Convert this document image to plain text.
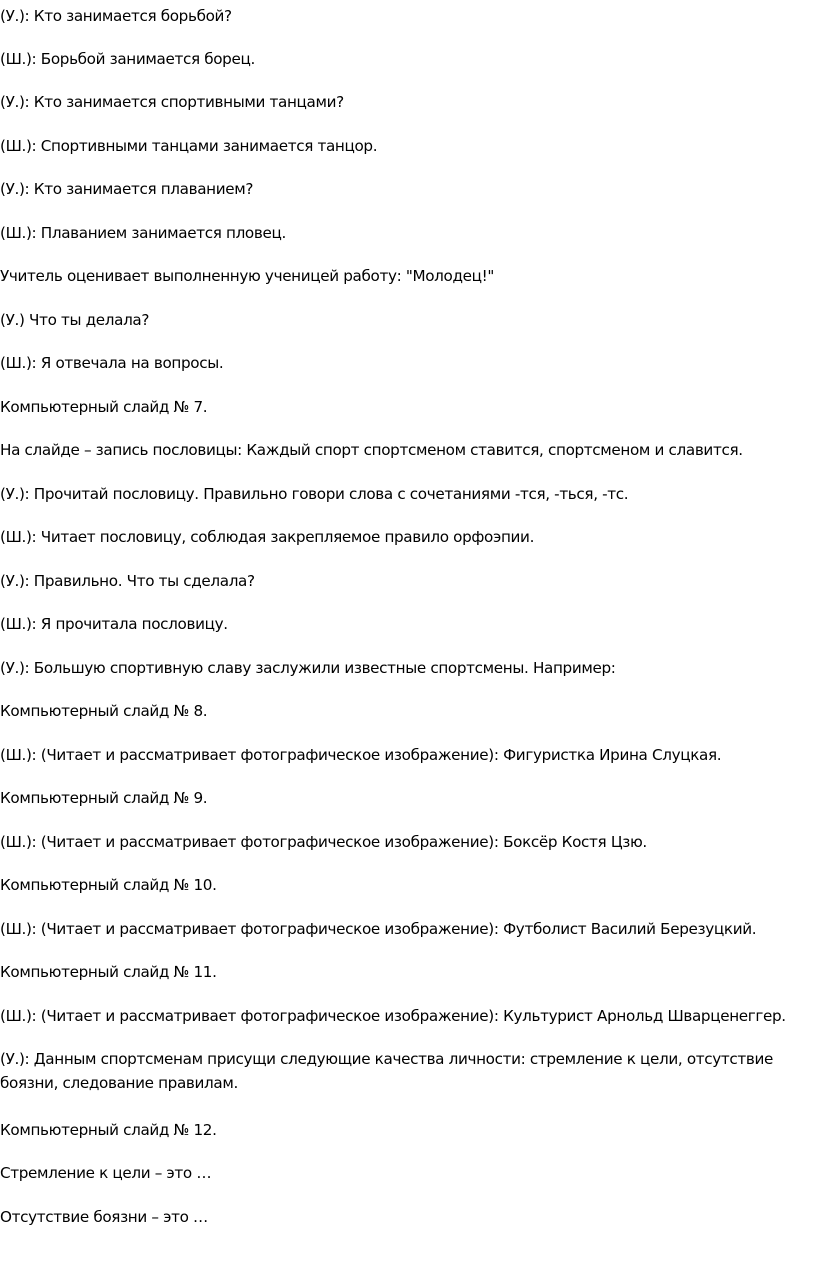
(У.): Кто занимается борьбой?

(Ш.): Борьбой занимается борец.

(У.): Кто занимается спортивными танцами?

(Ш.): Спортивными танцами занимается танцор.

(У.): Кто занимается плаванием?

(Ш.): Плаванием занимается пловец.

Учитель оценивает выполненную ученицей работу: "Молодец!"

(У.) Что ты делала?

(Ш.): Я отвечала на вопросы.

Компьютерный слайд № 7.

На слайде – запись пословицы: Каждый спорт спортсменом ставится, спортсменом и славится.

(У.): Прочитай пословицу. Правильно говори слова с сочетаниями -тся, -ться, -тс.

(Ш.): Читает пословицу, соблюдая закрепляемое правило орфоэпии.

(У.): Правильно. Что ты сделала?

(Ш.): Я прочитала пословицу.

(У.): Большую спортивную славу заслужили известные спортсмены. Например:

Компьютерный слайд № 8.

(Ш.): (Читает и рассматривает фотографическое изображение): Фигуристка Ирина Слуцкая.

Компьютерный слайд № 9.

(Ш.): (Читает и рассматривает фотографическое изображение): Боксёр Костя Цзю.

Компьютерный слайд № 10.

(Ш.): (Читает и рассматривает фотографическое изображение): Футболист Василий Березуцкий.

Компьютерный слайд № 11.

(Ш.): (Читает и рассматривает фотографическое изображение): Культурист Арнольд Шварценеггер.

(У.): Данным спортсменам присущи следующие качества личности: стремление к цели, отсутствие боязни, следование правилам.

Компьютерный слайд № 12.

Стремление к цели – это …

Отсутствие боязни – это …
